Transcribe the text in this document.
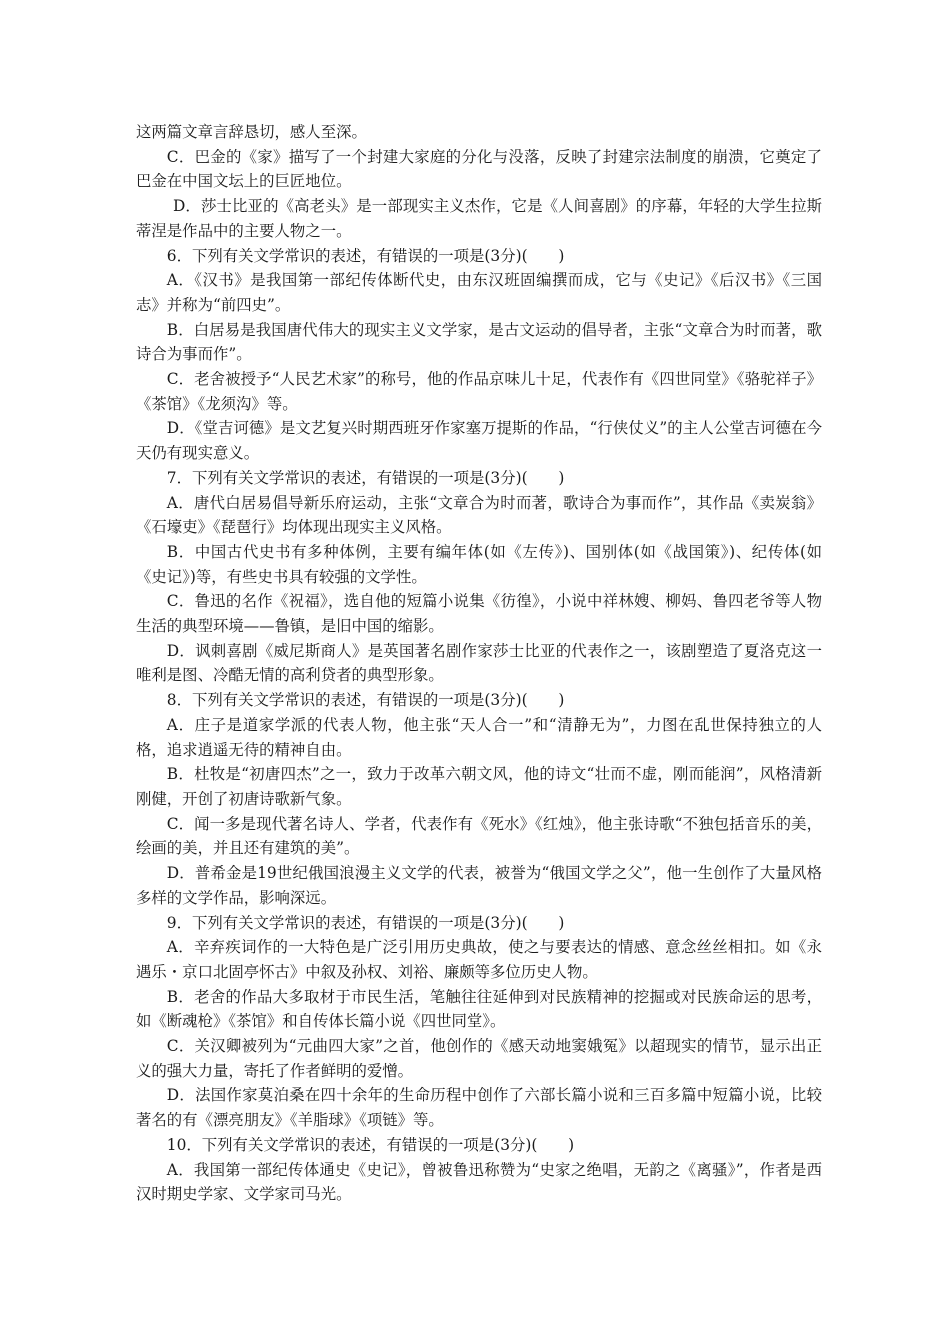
这两篇文章言辞恳切，感人至深。

C．巴金的《家》描写了一个封建大家庭的分化与没落，反映了封建宗法制度的崩溃，它奠定了巴金在中国文坛上的巨匠地位。

D．莎士比亚的《高老头》是一部现实主义杰作，它是《人间喜剧》的序幕，年轻的大学生拉斯蒂涅是作品中的主要人物之一。

6．下列有关文学常识的表述，有错误的一项是(3分)(　　)

A．《汉书》是我国第一部纪传体断代史，由东汉班固编撰而成，它与《史记》《后汉书》《三国志》并称为“前四史”。

B．白居易是我国唐代伟大的现实主义文学家，是古文运动的倡导者，主张“文章合为时而著，歌诗合为事而作”。

C．老舍被授予“人民艺术家”的称号，他的作品京味儿十足，代表作有《四世同堂》《骆驼祥子》《茶馆》《龙须沟》等。

D．《堂吉诃德》是文艺复兴时期西班牙作家塞万提斯的作品，“行侠仗义”的主人公堂吉诃德在今天仍有现实意义。

7．下列有关文学常识的表述，有错误的一项是(3分)(　　)

A．唐代白居易倡导新乐府运动，主张“文章合为时而著，歌诗合为事而作”，其作品《卖炭翁》《石壕吏》《琵琶行》均体现出现实主义风格。

B．中国古代史书有多种体例，主要有编年体(如《左传》)、国别体(如《战国策》)、纪传体(如《史记》)等，有些史书具有较强的文学性。

C．鲁迅的名作《祝福》，选自他的短篇小说集《彷徨》，小说中祥林嫂、柳妈、鲁四老爷等人物生活的典型环境——鲁镇，是旧中国的缩影。

D．讽刺喜剧《威尼斯商人》是英国著名剧作家莎士比亚的代表作之一，该剧塑造了夏洛克这一唯利是图、冷酷无情的高利贷者的典型形象。

8．下列有关文学常识的表述，有错误的一项是(3分)(　　)

A．庄子是道家学派的代表人物，他主张“天人合一”和“清静无为”，力图在乱世保持独立的人格，追求逍遥无待的精神自由。

B．杜牧是“初唐四杰”之一，致力于改革六朝文风，他的诗文“壮而不虚，刚而能润”，风格清新刚健，开创了初唐诗歌新气象。

C．闻一多是现代著名诗人、学者，代表作有《死水》《红烛》，他主张诗歌“不独包括音乐的美，绘画的美，并且还有建筑的美”。

D．普希金是19世纪俄国浪漫主义文学的代表，被誉为“俄国文学之父”，他一生创作了大量风格多样的文学作品，影响深远。

9．下列有关文学常识的表述，有错误的一项是(3分)(　　)

A．辛弃疾词作的一大特色是广泛引用历史典故，使之与要表达的情感、意念丝丝相扣。如《永遇乐・京口北固亭怀古》中叙及孙权、刘裕、廉颇等多位历史人物。

B．老舍的作品大多取材于市民生活，笔触往往延伸到对民族精神的挖掘或对民族命运的思考，如《断魂枪》《茶馆》和自传体长篇小说《四世同堂》。

C．关汉卿被列为“元曲四大家”之首，他创作的《感天动地窦娥冤》以超现实的情节，显示出正义的强大力量，寄托了作者鲜明的爱憎。

D．法国作家莫泊桑在四十余年的生命历程中创作了六部长篇小说和三百多篇中短篇小说，比较著名的有《漂亮朋友》《羊脂球》《项链》等。

10．下列有关文学常识的表述，有错误的一项是(3分)(　　)

A．我国第一部纪传体通史《史记》，曾被鲁迅称赞为“史家之绝唱，无韵之《离骚》”，作者是西汉时期史学家、文学家司马光。
